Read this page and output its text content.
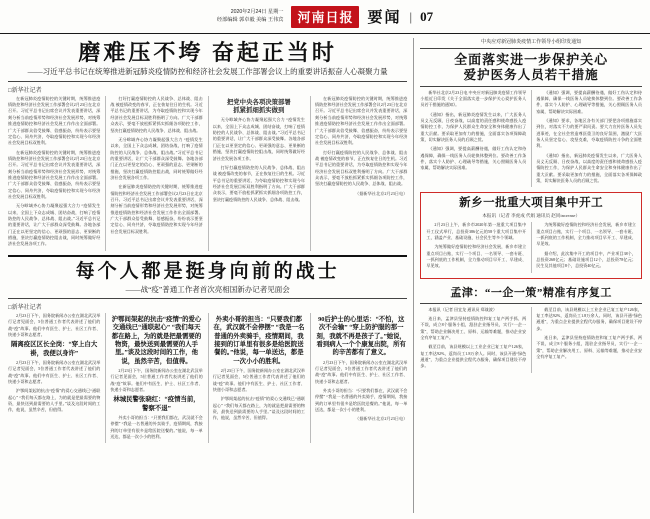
2020年2月24日 星期一
经部编辑 郭卓毅 美编 王伟宾	河南日报 要闻 | 07
磨难压不垮 奋起正当时
——习近平总书记在统筹推进新冠肺炎疫情防控和经济社会发展工作部署会议上的重要讲话振奋人心凝聚力量
□新华社记者

在新冠肺炎疫情防控的关键时期，统筹推进疫情防控和经济社会发展工作部署会议2月23日在北京召开。习近平总书记出席会议并发表重要讲话，深刻分析当前疫情形势和经济社会发展形势，对统筹推进疫情防控和经济社会发展工作作出全面部署。广大干部群众倍受鼓舞、倍感振奋，纷纷表示要坚定信心、同舟共济，夺取疫情防控和实现今年经济社会发展目标双胜利。

在新冠肺炎疫情防控的关键时期，统筹推进疫情防控和经济社会发展工作部署会议2月23日在北京召开。习近平总书记出席会议并发表重要讲话，深刻分析当前疫情形势和经济社会发展形势，对统筹推进疫情防控和经济社会发展工作作出全面部署。广大干部群众倍受鼓舞、倍感振奋，纷纷表示要坚定信心、同舟共济，夺取疫情防控和实现今年经济社会发展目标双胜利。

无分畛域齐心协力凝聚起强大合力 “疫情发生以来，全国上下众志成城、团结奋战，打响了疫情防控的人民战争、总体战、阻击战。”习近平总书记的重要讲话，让广大干部群众深受鼓舞。各地各部门正在以更坚定的信心、更顽强的意志、更果断的措施，坚决打赢疫情防控阻击战，同时统筹做好经济社会发展各项工作。

打好打赢疫情防控的人民战争、总体战、阻击战 被疫情改变的春节，正在恢复往日的生机。习近平总书记的重要讲话，为夺取疫情防控和实现今年经济社会发展目标双胜利指明了方向。广大干部群众表示，要毫不放松抓紧抓实抓细各项防控工作，坚决打赢疫情防控的人民战争、总体战、阻击战。

无分畛域齐心协力凝聚起强大合力 “疫情发生以来，全国上下众志成城、团结奋战，打响了疫情防控的人民战争、总体战、阻击战。”习近平总书记的重要讲话，让广大干部群众深受鼓舞。各地各部门正在以更坚定的信心、更顽强的意志、更果断的措施，坚决打赢疫情防控阻击战，同时统筹做好经济社会发展各项工作。

在新冠肺炎疫情防控的关键时期，统筹推进疫情防控和经济社会发展工作部署会议2月23日在北京召开。习近平总书记出席会议并发表重要讲话，深刻分析当前疫情形势和经济社会发展形势，对统筹推进疫情防控和经济社会发展工作作出全面部署。广大干部群众倍受鼓舞、倍感振奋，纷纷表示要坚定信心、同舟共济，夺取疫情防控和实现今年经济社会发展目标双胜利。

把党中央各项决策部署
抓紧抓细抓实做到

无分畛域齐心协力凝聚起强大合力 “疫情发生以来，全国上下众志成城、团结奋战，打响了疫情防控的人民战争、总体战、阻击战。”习近平总书记的重要讲话，让广大干部群众深受鼓舞。各地各部门正在以更坚定的信心、更顽强的意志、更果断的措施，坚决打赢疫情防控阻击战，同时统筹做好经济社会发展各项工作。

打好打赢疫情防控的人民战争、总体战、阻击战 被疫情改变的春节，正在恢复往日的生机。习近平总书记的重要讲话，为夺取疫情防控和实现今年经济社会发展目标双胜利指明了方向。广大干部群众表示，要毫不放松抓紧抓实抓细各项防控工作，坚决打赢疫情防控的人民战争、总体战、阻击战。

在新冠肺炎疫情防控的关键时期，统筹推进疫情防控和经济社会发展工作部署会议2月23日在北京召开。习近平总书记出席会议并发表重要讲话，深刻分析当前疫情形势和经济社会发展形势，对统筹推进疫情防控和经济社会发展工作作出全面部署。广大干部群众倍受鼓舞、倍感振奋，纷纷表示要坚定信心、同舟共济，夺取疫情防控和实现今年经济社会发展目标双胜利。

打好打赢疫情防控的人民战争、总体战、阻击战 被疫情改变的春节，正在恢复往日的生机。习近平总书记的重要讲话，为夺取疫情防控和实现今年经济社会发展目标双胜利指明了方向。广大干部群众表示，要毫不放松抓紧抓实抓细各项防控工作，坚决打赢疫情防控的人民战争、总体战、阻击战。

（据新华社北京2月23日电）
每个人都是挺身向前的战士
——战“疫”普通工作者首次亮相国新办记者见面会
□新华社记者

2月23日下午，国务院新闻办公室在湖北武汉举行记者见面会，5位普通工作者代表讲述了他们的战“疫”故事。他们中有医生、护士、社区工作者、快递小哥和志愿者。

隔离疫区区长全岗：“穿上白大褂，我便以身许”

2月23日下午，国务院新闻办公室在湖北武汉举行记者见面会，5位普通工作者代表讲述了他们的战“疫”故事。他们中有医生、护士、社区工作者、快递小哥和志愿者。

沪鄂间架起的抗击“疫情”的爱心交通线已“通联起心” “我们每天都在路上，为的就是把最需要的物资，最快送到最需要的人手里。”谈及这段时间的工作，他说，虽然辛苦，但值得。

沪鄂间架起的抗击“疫情”的爱心交通线已“通联起心” “我们每天都在路上，为的就是把最需要的物资，最快送到最需要的人手里。”谈及这段时间的工作，他说，虽然辛苦，但值得。

2月23日下午，国务院新闻办公室在湖北武汉举行记者见面会，5位普通工作者代表讲述了他们的战“疫”故事。他们中有医生、护士、社区工作者、快递小哥和志愿者。

林城民警张晓红：“疫情当前，警察不退”

外卖小哥的担当：“只要我们都在，武汉就不会停摆” “我是一名普通的外卖骑手，疫情期间，我接到的订单里有很多是给医院送餐的。”他说，每一单送达，都是一次小小的胜利。

外卖小哥的担当：“只要我们都在，武汉就不会停摆” “我是一名普通的外卖骑手，疫情期间，我接到的订单里有很多是给医院送餐的。”他说，每一单送达，都是一次小小的胜利。

2月23日下午，国务院新闻办公室在湖北武汉举行记者见面会，5位普通工作者代表讲述了他们的战“疫”故事。他们中有医生、护士、社区工作者、快递小哥和志愿者。

沪鄂间架起的抗击“疫情”的爱心交通线已“通联起心” “我们每天都在路上，为的就是把最需要的物资，最快送到最需要的人手里。”谈及这段时间的工作，他说，虽然辛苦，但值得。

90后护士的心里话：“不怕，这次不会输” “穿上防护服的那一刻，我就不再是孩子了。”她说，看到病人一个个康复出院，所有的辛苦都有了意义。

2月23日下午，国务院新闻办公室在湖北武汉举行记者见面会，5位普通工作者代表讲述了他们的战“疫”故事。他们中有医生、护士、社区工作者、快递小哥和志愿者。

外卖小哥的担当：“只要我们都在，武汉就不会停摆” “我是一名普通的外卖骑手，疫情期间，我接到的订单里有很多是给医院送餐的。”他说，每一单送达，都是一次小小的胜利。

（据新华社北京2月23日电）
中央应对新冠肺炎疫情工作领导小组印发通知
全面落实进一步保护关心
爱护医务人员若干措施

新华社北京2月23日电 中央应对新冠肺炎疫情工作领导小组近日印发《关于全面落实进一步保护关心爱护医务人员若干措施的通知》。

《通知》指出，新冠肺炎疫情发生以来，广大医务人员义无反顾、日夜奋战，以高度的责任感和使命感投入疫情防控工作，为保护人民群众生命安全和身体健康作出了重大贡献。要采取更加有力的措施，全面落实各项保障政策，切实解决医务人员的后顾之忧。

《通知》强调，要提高薪酬待遇，做好工伤认定和待遇保障，确保一线医务人员轮换休整到位。要改善工作条件，落实个人防护、心理疏导等措施，关心照顾医务人员家属，帮助解决实际困难。

《通知》强调，要提高薪酬待遇，做好工伤认定和待遇保障，确保一线医务人员轮换休整到位。要改善工作条件，落实个人防护、心理疏导等措施，关心照顾医务人员家属，帮助解决实际困难。

《通知》要求，各地区各有关部门要把各项措施落实到位，对落实不力的要严肃问责。要大力宣传医务人员先进事迹，在全社会营造尊医重卫的良好氛围，激励广大医务人员坚定信心、攻坚克难，夺取疫情防控斗争的全面胜利。

《通知》指出，新冠肺炎疫情发生以来，广大医务人员义无反顾、日夜奋战，以高度的责任感和使命感投入疫情防控工作，为保护人民群众生命安全和身体健康作出了重大贡献。要采取更加有力的措施，全面落实各项保障政策，切实解决医务人员的后顾之忧。

新乡一批重大项目集中开工
本报讯（记者 李虎成 代娟 通讯员 赵同increase）

2月23日上午，新乡市2020年第一批重大项目集中开工仪式举行，总投资386亿元的58个重大项目集中开工，涵盖产业、基础设施、社会民生等多个领域。

为统筹做好疫情防控和经济社会发展，新乡市建立重点项目台账，实行一个项目、一名领导、一套专班、一抓到底的工作机制，全力推动项目早开工、早建成、早见效。

为统筹做好疫情防控和经济社会发展，新乡市建立重点项目台账，实行一个项目、一名领导、一套专班、一抓到底的工作机制，全力推动项目早开工、早建成、早见效。

据介绍，此次集中开工的项目中，产业项目38个，总投资268亿元；基础设施项目12个，总投资78亿元；民生及其他项目8个，总投资40亿元。

孟津：“一企一策”精准有序复工

本报讯（记者 田宜龙 通讯员 郑战波）

连日来，孟津县坚持疫情防控和复工复产两手抓、两不误，成立8个服务小组，派驻企业指导员，实行“一企一策”，帮助企业解决用工、原料、运输等难题，推动企业安全有序复工复产。

截至目前，该县规模以上工业企业已复工复产126家，复工率达92%，返岗员工1.8万余人。同时，该县开通“绿色通道”，为重点企业提供全程代办服务，确保项目建设不停步。

截至目前，该县规模以上工业企业已复工复产126家，复工率达92%，返岗员工1.8万余人。同时，该县开通“绿色通道”，为重点企业提供全程代办服务，确保项目建设不停步。

连日来，孟津县坚持疫情防控和复工复产两手抓、两不误，成立8个服务小组，派驻企业指导员，实行“一企一策”，帮助企业解决用工、原料、运输等难题，推动企业安全有序复工复产。
